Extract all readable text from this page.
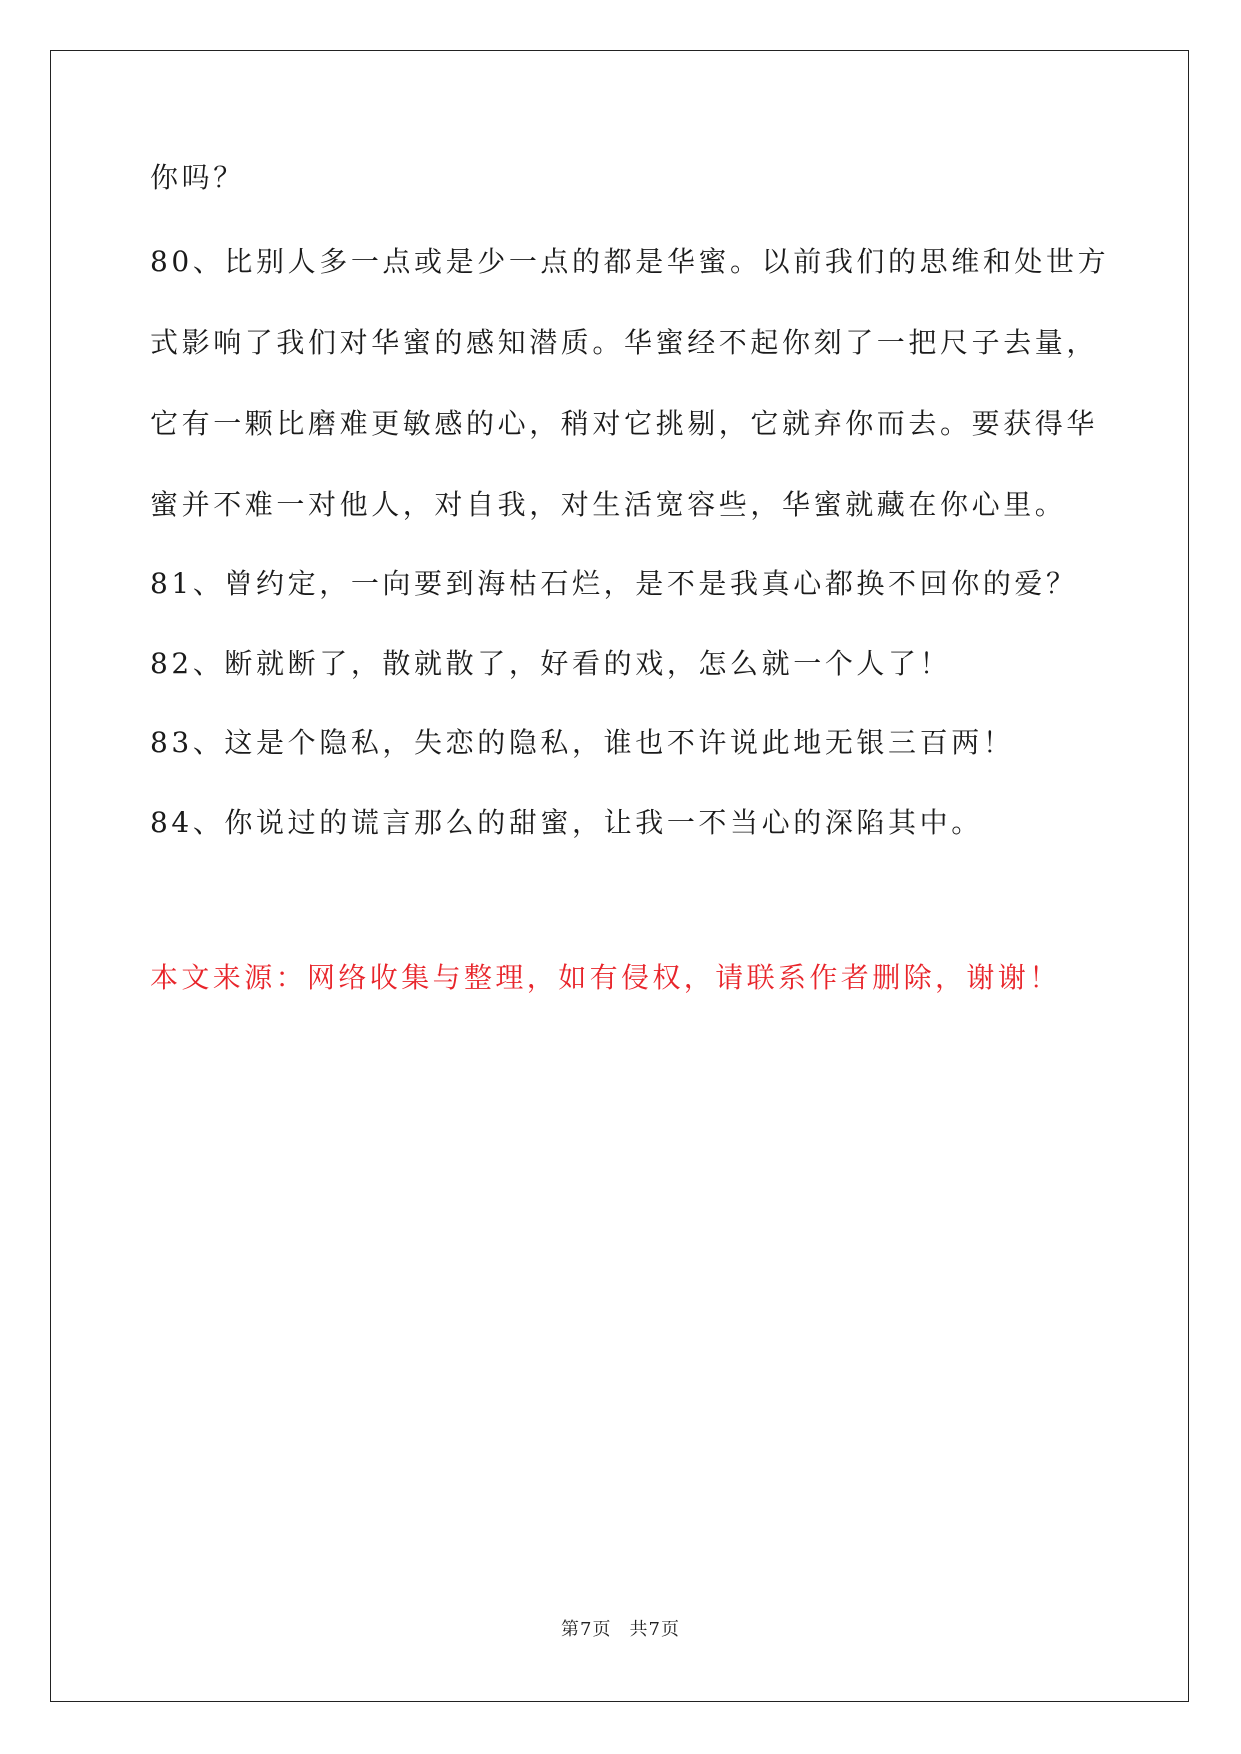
你吗？

80、比别人多一点或是少一点的都是华蜜。以前我们的思维和处世方

式影响了我们对华蜜的感知潜质。华蜜经不起你刻了一把尺子去量，

它有一颗比磨难更敏感的心，稍对它挑剔，它就弃你而去。要获得华

蜜并不难一对他人，对自我，对生活宽容些，华蜜就藏在你心里。

81、曾约定，一向要到海枯石烂，是不是我真心都换不回你的爱？

82、断就断了，散就散了，好看的戏，怎么就一个人了！

83、这是个隐私，失恋的隐私，谁也不许说此地无银三百两！

84、你说过的谎言那么的甜蜜，让我一不当心的深陷其中。

本文来源：网络收集与整理，如有侵权，请联系作者删除，谢谢！

第7页 共7页
